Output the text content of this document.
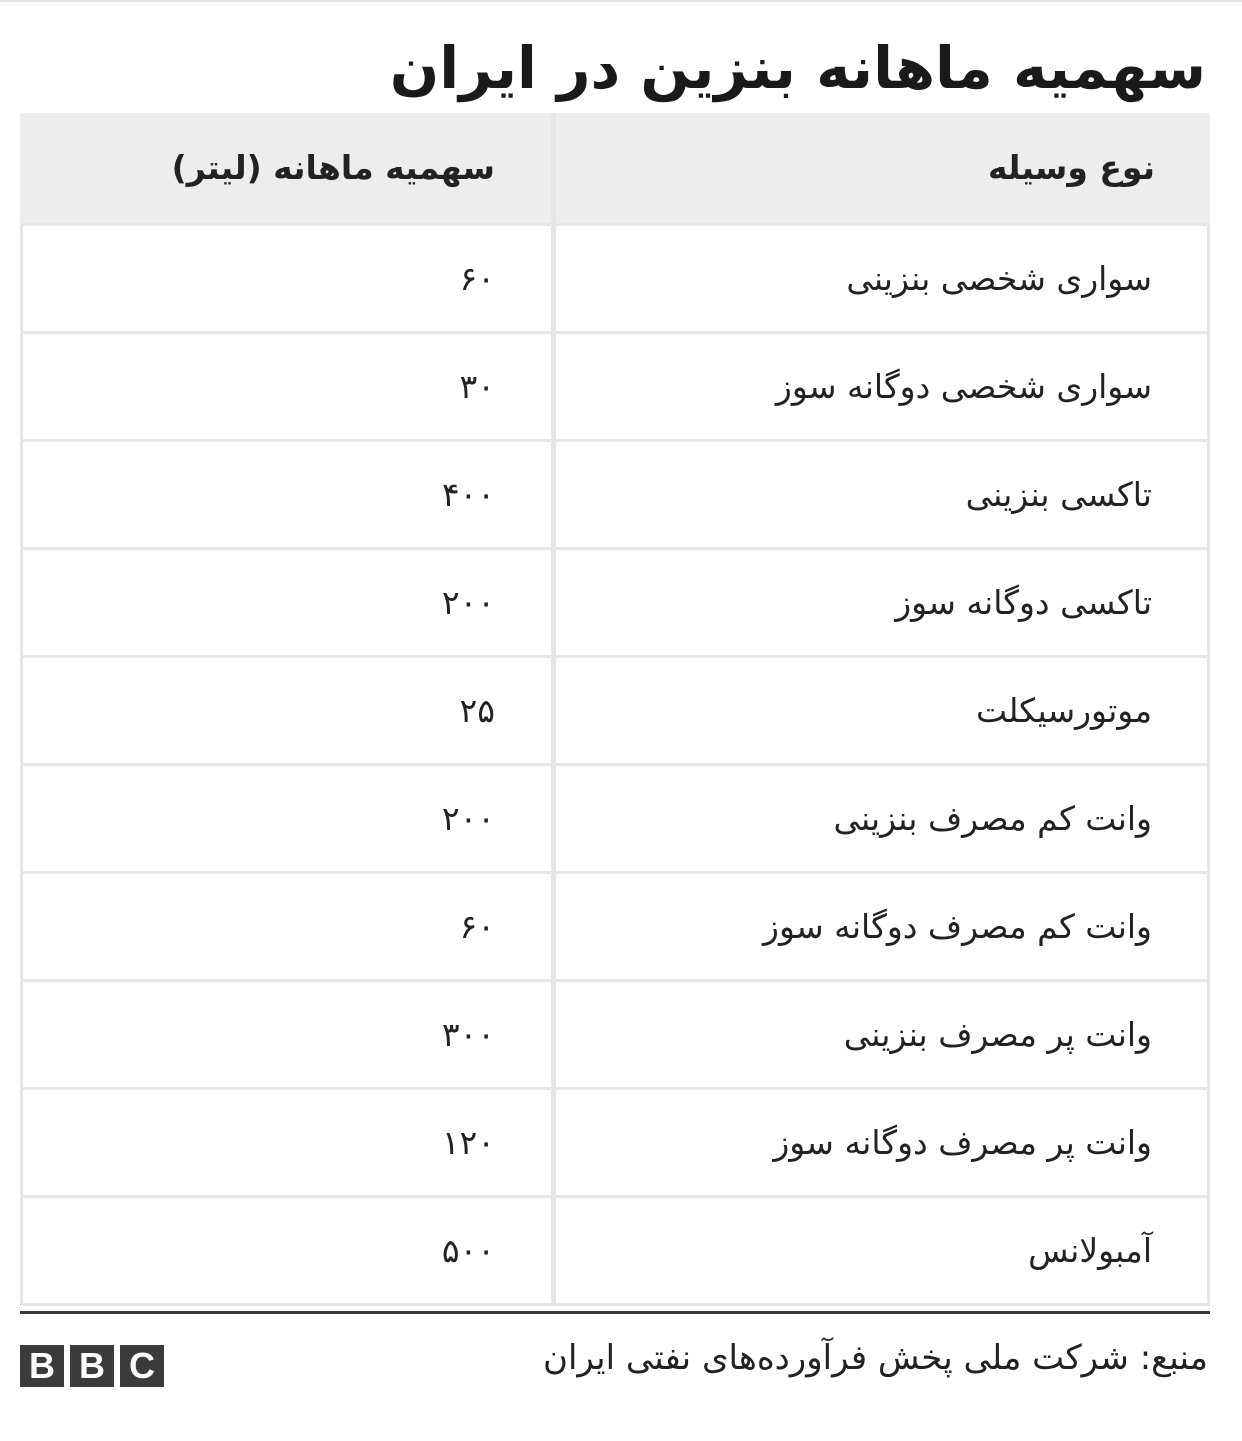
سهمیه ماهانه بنزین در ایران
نوع وسیله
سهمیه ماهانه (لیتر)
سواری شخصی بنزینی
۶۰
سواری شخصی دوگانه سوز
۳۰
تاکسی بنزینی
۴۰۰
تاکسی دوگانه سوز
۲۰۰
موتورسیکلت
۲۵
وانت کم مصرف بنزینی
۲۰۰
وانت کم مصرف دوگانه سوز
۶۰
وانت پر مصرف بنزینی
۳۰۰
وانت پر مصرف دوگانه سوز
۱۲۰
آمبولانس
۵۰۰
B B C	منبع: شرکت ملی پخش فرآورده‌های نفتی ایران
